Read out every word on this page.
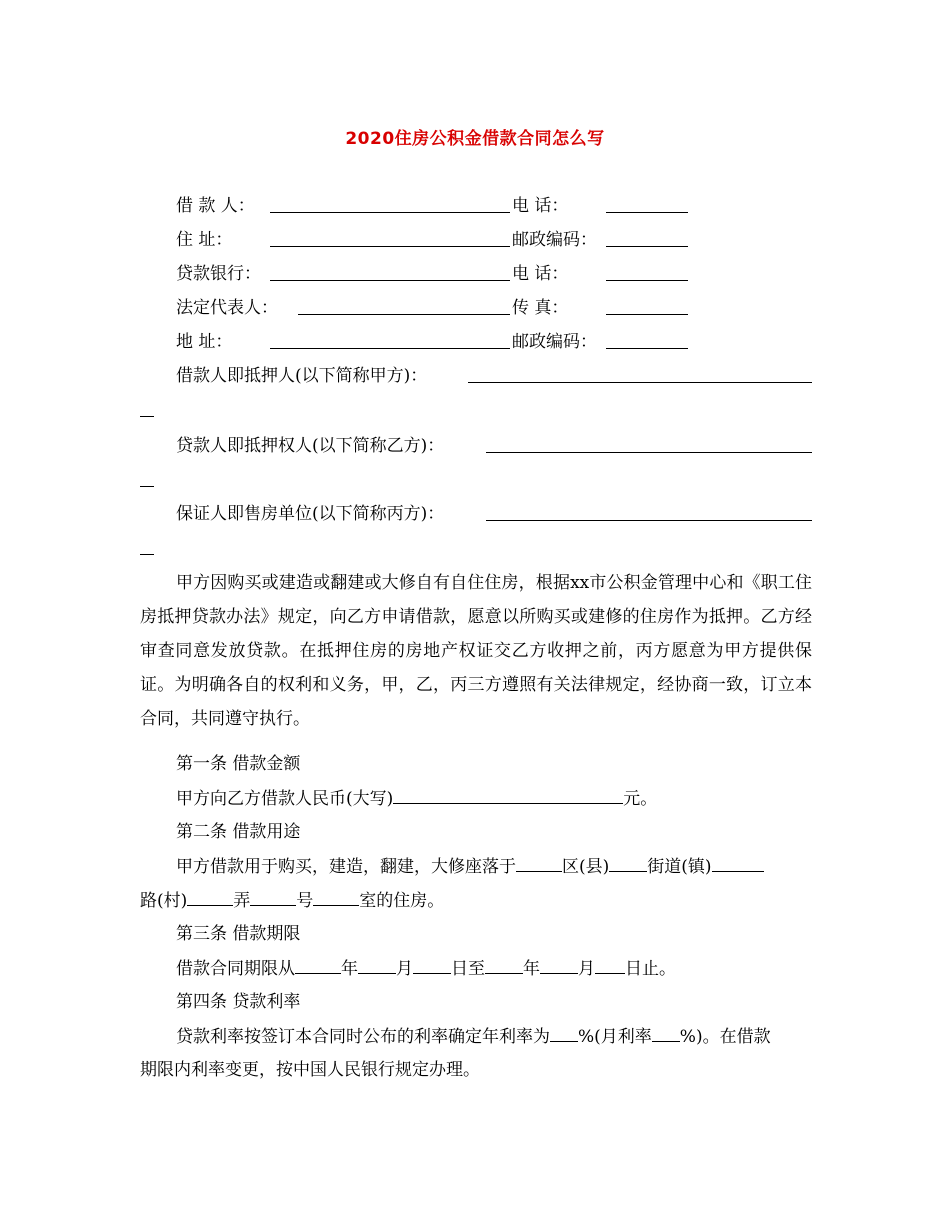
2020住房公积金借款合同怎么写
借 款 人：	电 话：
住 址：	邮政编码：
贷款银行：	电 话：
法定代表人：	传 真：
地 址：	邮政编码：
借款人即抵押人(以下简称甲方)：
贷款人即抵押权人(以下简称乙方)：
保证人即售房单位(以下简称丙方)：
甲方因购买或建造或翻建或大修自有自住住房，根据xx市公积金管理中心和《职工住房抵押贷款办法》规定，向乙方申请借款，愿意以所购买或建修的住房作为抵押。乙方经审查同意发放贷款。在抵押住房的房地产权证交乙方收押之前，丙方愿意为甲方提供保证。为明确各自的权利和义务，甲，乙，丙三方遵照有关法律规定，经协商一致，订立本合同，共同遵守执行。
第一条 借款金额
甲方向乙方借款人民币(大写)	元。
第二条 借款用途
甲方借款用于购买，建造，翻建，大修座落于	区(县) 街道(镇)
路(村)	弄	号	室的住房。
第三条 借款期限
借款合同期限从	年 月 日至 年 月 日止。
第四条 贷款利率
贷款利率按签订本合同时公布的利率确定年利率为 %(月利率 %)。在借款
期限内利率变更，按中国人民银行规定办理。
